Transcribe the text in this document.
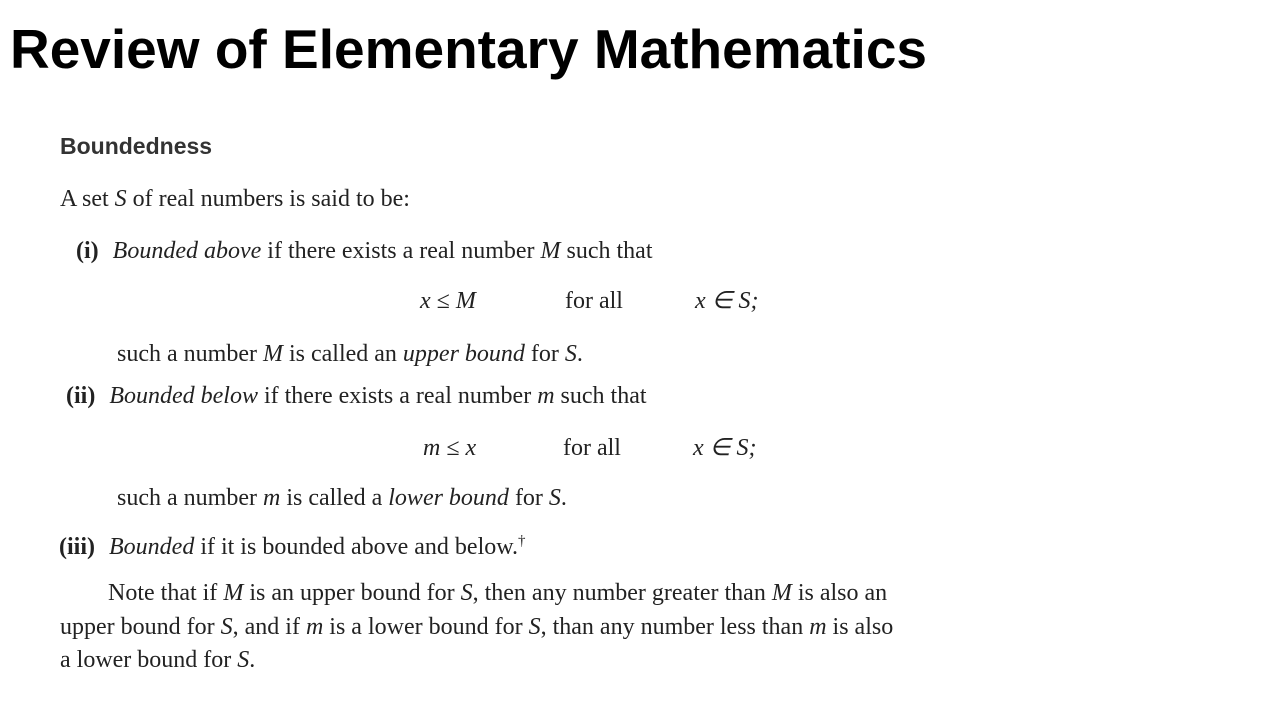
Review of Elementary Mathematics
Boundedness
A set S of real numbers is said to be:
(i) Bounded above if there exists a real number M such that
x ≤ M	for all	x ∈ S;
such a number M is called an upper bound for S.
(ii) Bounded below if there exists a real number m such that
m ≤ x	for all	x ∈ S;
such a number m is called a lower bound for S.
(iii) Bounded if it is bounded above and below.†
Note that if M is an upper bound for S, then any number greater than M is also an
upper bound for S, and if m is a lower bound for S, than any number less than m is also
a lower bound for S.
